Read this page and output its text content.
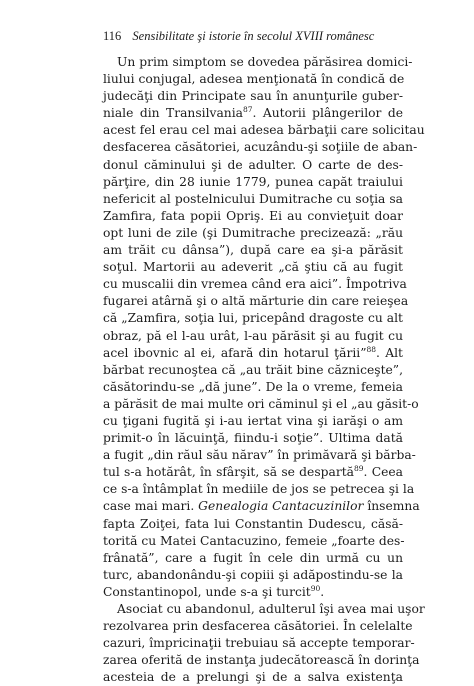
116 Sensibilitate şi istorie în secolul XVIII românesc
Un prim simptom se dovedea părăsirea domici-
liului conjugal, adesea menţionată în condică de
judecăţi din Principate sau în anunţurile guber-
niale din Transilvania$^{87}$. Autorii plângerilor de
acest fel erau cel mai adesea bărbaţii care solicitau
desfacerea căsătoriei, acuzându-şi soţiile de aban-
donul căminului şi de adulter. O carte de des-
părţire, din 28 iunie 1779, punea capăt traiului
nefericit al postelnicului Dumitrache cu soţia sa
Zamfira, fata popii Opriş. Ei au convieţuit doar
opt luni de zile (şi Dumitrache precizează: „rău
am trăit cu dânsa”), după care ea şi-a părăsit
soţul. Martorii au adeverit „că ştiu că au fugit
cu muscalii din vremea când era aici”. Împotriva
fugarei atârnă şi o altă mărturie din care reieşea
că „Zamfira, soţia lui, pricepând dragoste cu alt
obraz, pă el l-au urât, l-au părăsit şi au fugit cu
acel ibovnic al ei, afară din hotarul ţării”$^{88}$. Alt
bărbat recunoştea că „au trăit bine căzniceşte”,
căsătorindu-se „dă june”. De la o vreme, femeia
a părăsit de mai multe ori căminul şi el „au găsit-o
cu ţigani fugită şi i-au iertat vina şi iarăşi o am
primit-o în lăcuinţă, fiindu-i soţie”. Ultima dată
a fugit „din răul său nărav” în primăvară şi bărba-
tul s-a hotărât, în sfârşit, să se despartă$^{89}$. Ceea
ce s-a întâmplat în mediile de jos se petrecea şi la
case mai mari. Genealogia Cantacuzinilor însemna
fapta Zoiţei, fata lui Constantin Dudescu, căsă-
torită cu Matei Cantacuzino, femeie „foarte des-
frânată”, care a fugit în cele din urmă cu un
turc, abandonându-şi copiii şi adăpostindu-se la
Constantinopol, unde s-a şi turcit$^{90}$.
Asociat cu abandonul, adulterul îşi avea mai uşor
rezolvarea prin desfacerea căsătoriei. În celelalte
cazuri, împricinaţii trebuiau să accepte temporar-
zarea oferită de instanţa judecătorească în dorinţa
acesteia de a prelungi şi de a salva existenţa
